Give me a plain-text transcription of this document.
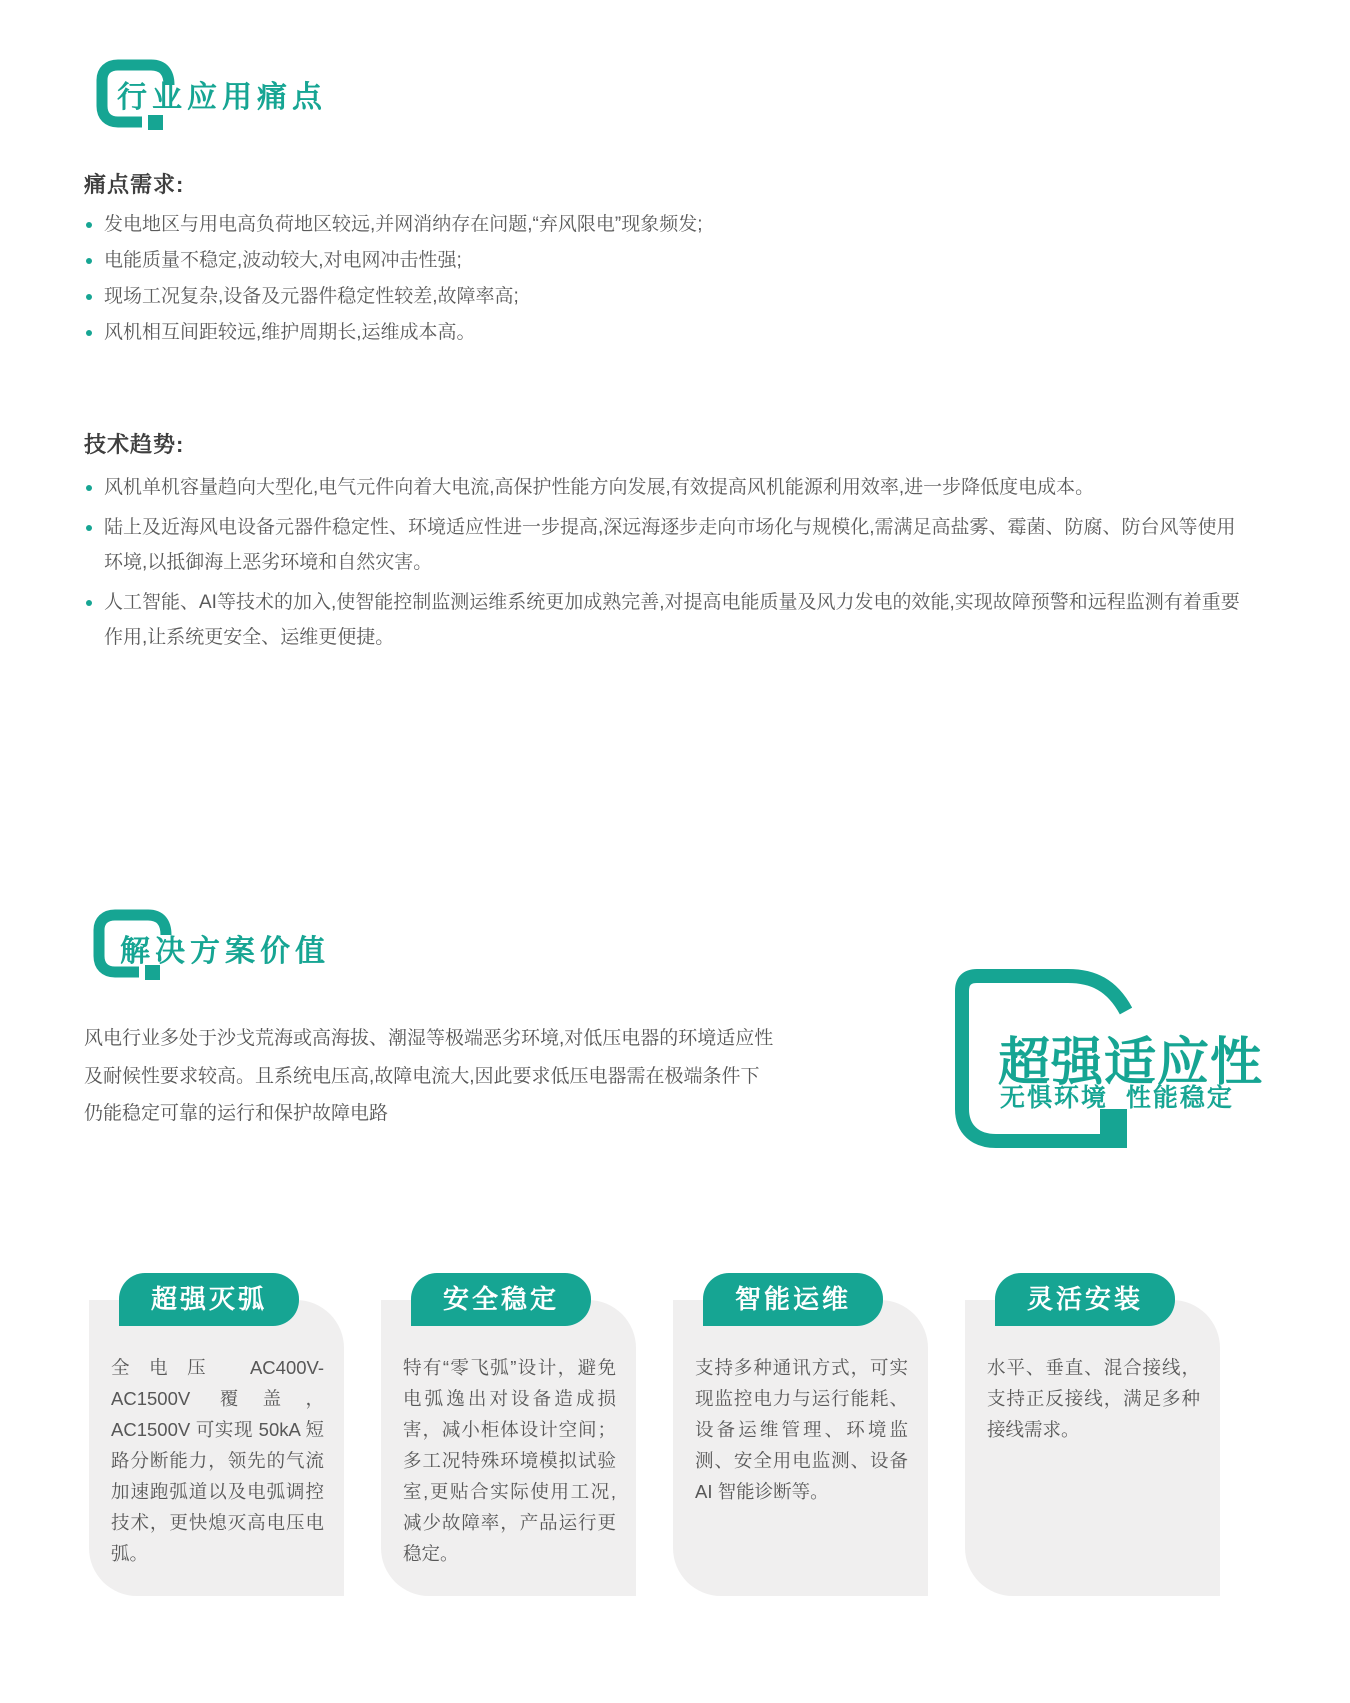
行业应用痛点
痛点需求:
发电地区与用电高负荷地区较远,并网消纳存在问题,“弃风限电”现象频发;
电能质量不稳定,波动较大,对电网冲击性强;
现场工况复杂,设备及元器件稳定性较差,故障率高;
风机相互间距较远,维护周期长,运维成本高。
技术趋势:
风机单机容量趋向大型化,电气元件向着大电流,高保护性能方向发展,有效提高风机能源利用效率,进一步降低度电成本。
陆上及近海风电设备元器件稳定性、环境适应性进一步提高,深远海逐步走向市场化与规模化,需满足高盐雾、霉菌、防腐、防台风等使用环境,以抵御海上恶劣环境和自然灾害。
人工智能、AI等技术的加入,使智能控制监测运维系统更加成熟完善,对提高电能质量及风力发电的效能,实现故障预警和远程监测有着重要作用,让系统更安全、运维更便捷。
解决方案价值
风电行业多处于沙戈荒海或高海拔、潮湿等极端恶劣环境,对低压电器的环境适应性
及耐候性要求较高。且系统电压高,故障电流大,因此要求低压电器需在极端条件下
仍能稳定可靠的运行和保护故障电路
超强适应性
无惧环境  性能稳定
超强灭弧
全电压 AC400V-AC1500V 覆盖，AC1500V 可实现 50kA 短路分断能力，领先的气流加速跑弧道以及电弧调控技术，更快熄灭高电压电弧。
安全稳定
特有“零飞弧”设计，避免电弧逸出对设备造成损害，减小柜体设计空间；多工况特殊环境模拟试验室,更贴合实际使用工况,减少故障率，产品运行更稳定。
智能运维
支持多种通讯方式，可实现监控电力与运行能耗、设备运维管理、环境监测、安全用电监测、设备 AI 智能诊断等。
灵活安装
水平、垂直、混合接线，支持正反接线，满足多种接线需求。
